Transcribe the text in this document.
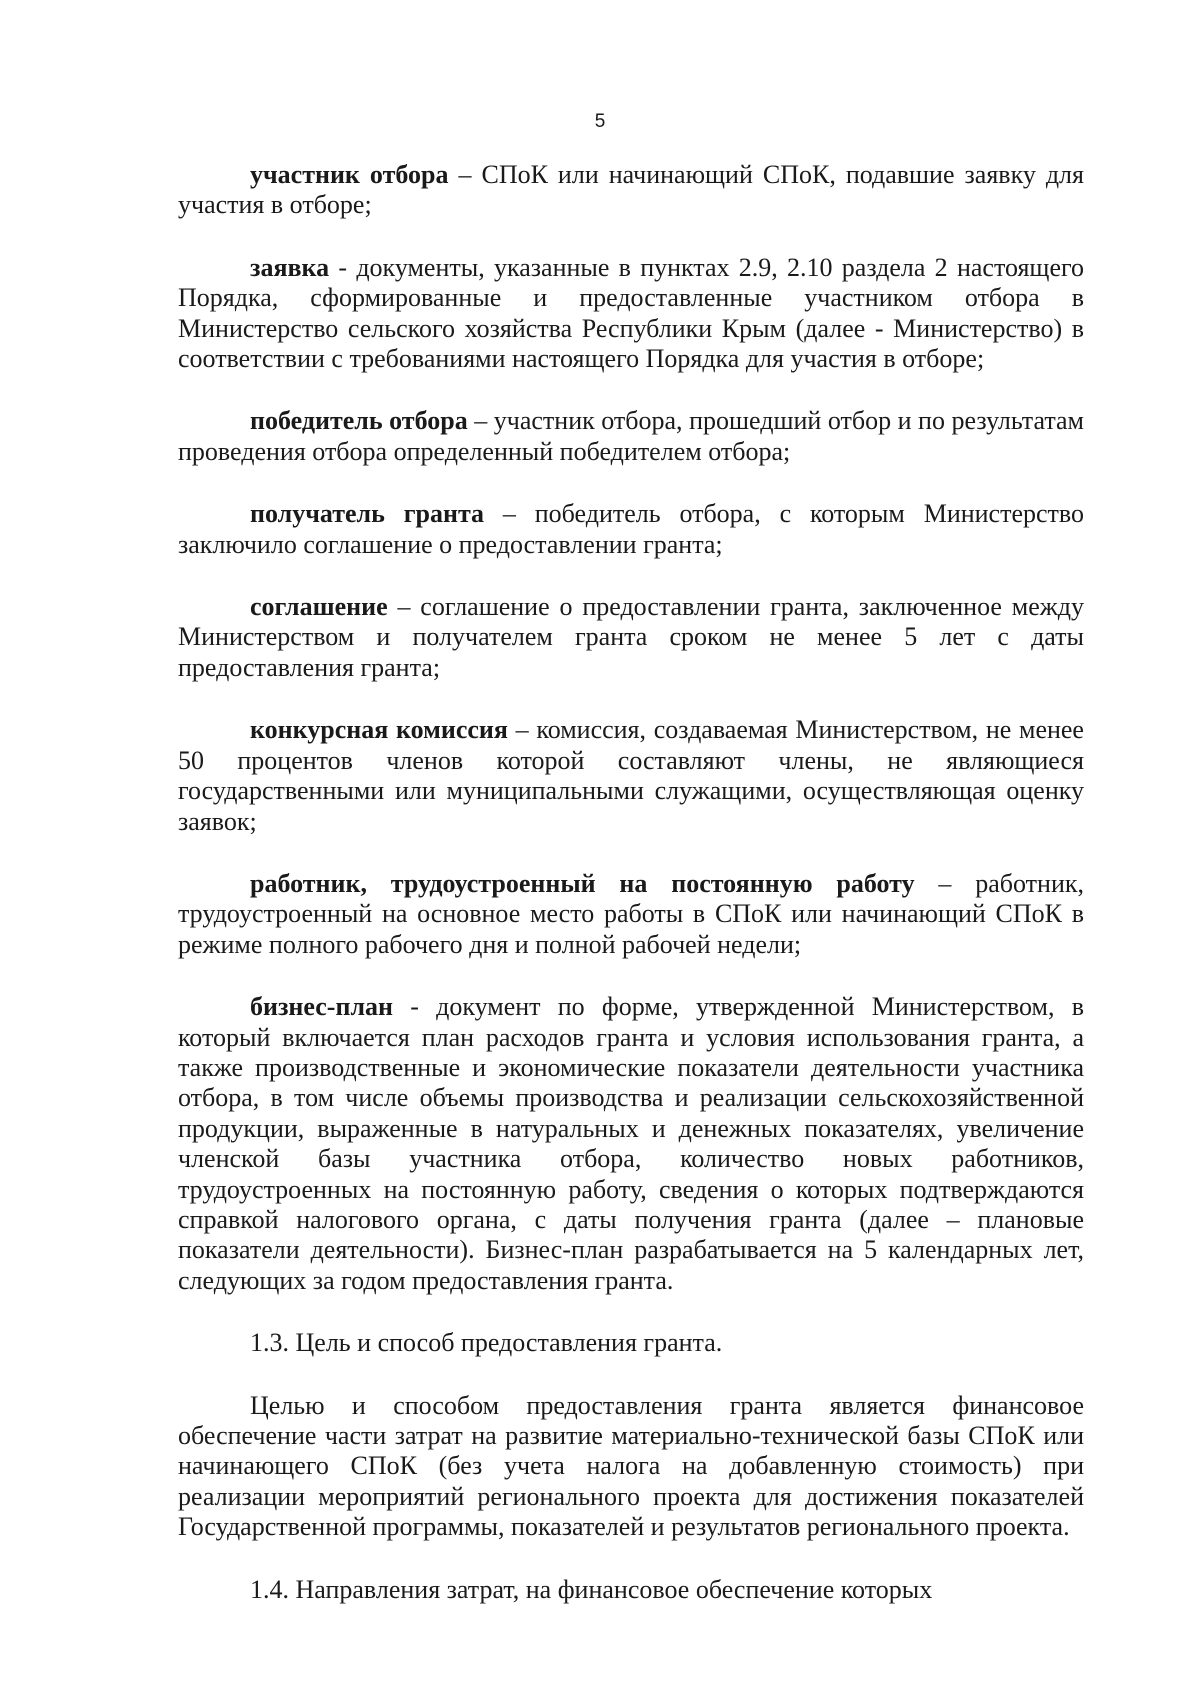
5

участник отбора – СПоК или начинающий СПоК, подавшие заявку для участия в отборе;

заявка - документы, указанные в пунктах 2.9, 2.10 раздела 2 настоящего Порядка, сформированные и предоставленные участником отбора в Министерство сельского хозяйства Республики Крым (далее - Министерство) в соответствии с требованиями настоящего Порядка для участия в отборе;

победитель отбора – участник отбора, прошедший отбор и по результатам проведения отбора определенный победителем отбора;

получатель гранта – победитель отбора, с которым Министерство заключило соглашение о предоставлении гранта;

соглашение – соглашение о предоставлении гранта, заключенное между Министерством и получателем гранта сроком не менее 5 лет с даты предоставления гранта;

конкурсная комиссия – комиссия, создаваемая Министерством, не менее 50 процентов членов которой составляют члены, не являющиеся государственными или муниципальными служащими, осуществляющая оценку заявок;

работник, трудоустроенный на постоянную работу – работник, трудоустроенный на основное место работы в СПоК или начинающий СПоК в режиме полного рабочего дня и полной рабочей недели;

бизнес-план - документ по форме, утвержденной Министерством, в который включается план расходов гранта и условия использования гранта, а также производственные и экономические показатели деятельности участника отбора, в том числе объемы производства и реализации сельскохозяйственной продукции, выраженные в натуральных и денежных показателях, увеличение членской базы участника отбора, количество новых работников, трудоустроенных на постоянную работу, сведения о которых подтверждаются справкой налогового органа, с даты получения гранта (далее – плановые показатели деятельности). Бизнес-план разрабатывается на 5 календарных лет, следующих за годом предоставления гранта.

1.3. Цель и способ предоставления гранта.

Целью и способом предоставления гранта является финансовое обеспечение части затрат на развитие материально-технической базы СПоК или начинающего СПоК (без учета налога на добавленную стоимость) при реализации мероприятий регионального проекта для достижения показателей Государственной программы, показателей и результатов регионального проекта.

1.4. Направления затрат, на финансовое обеспечение которых
